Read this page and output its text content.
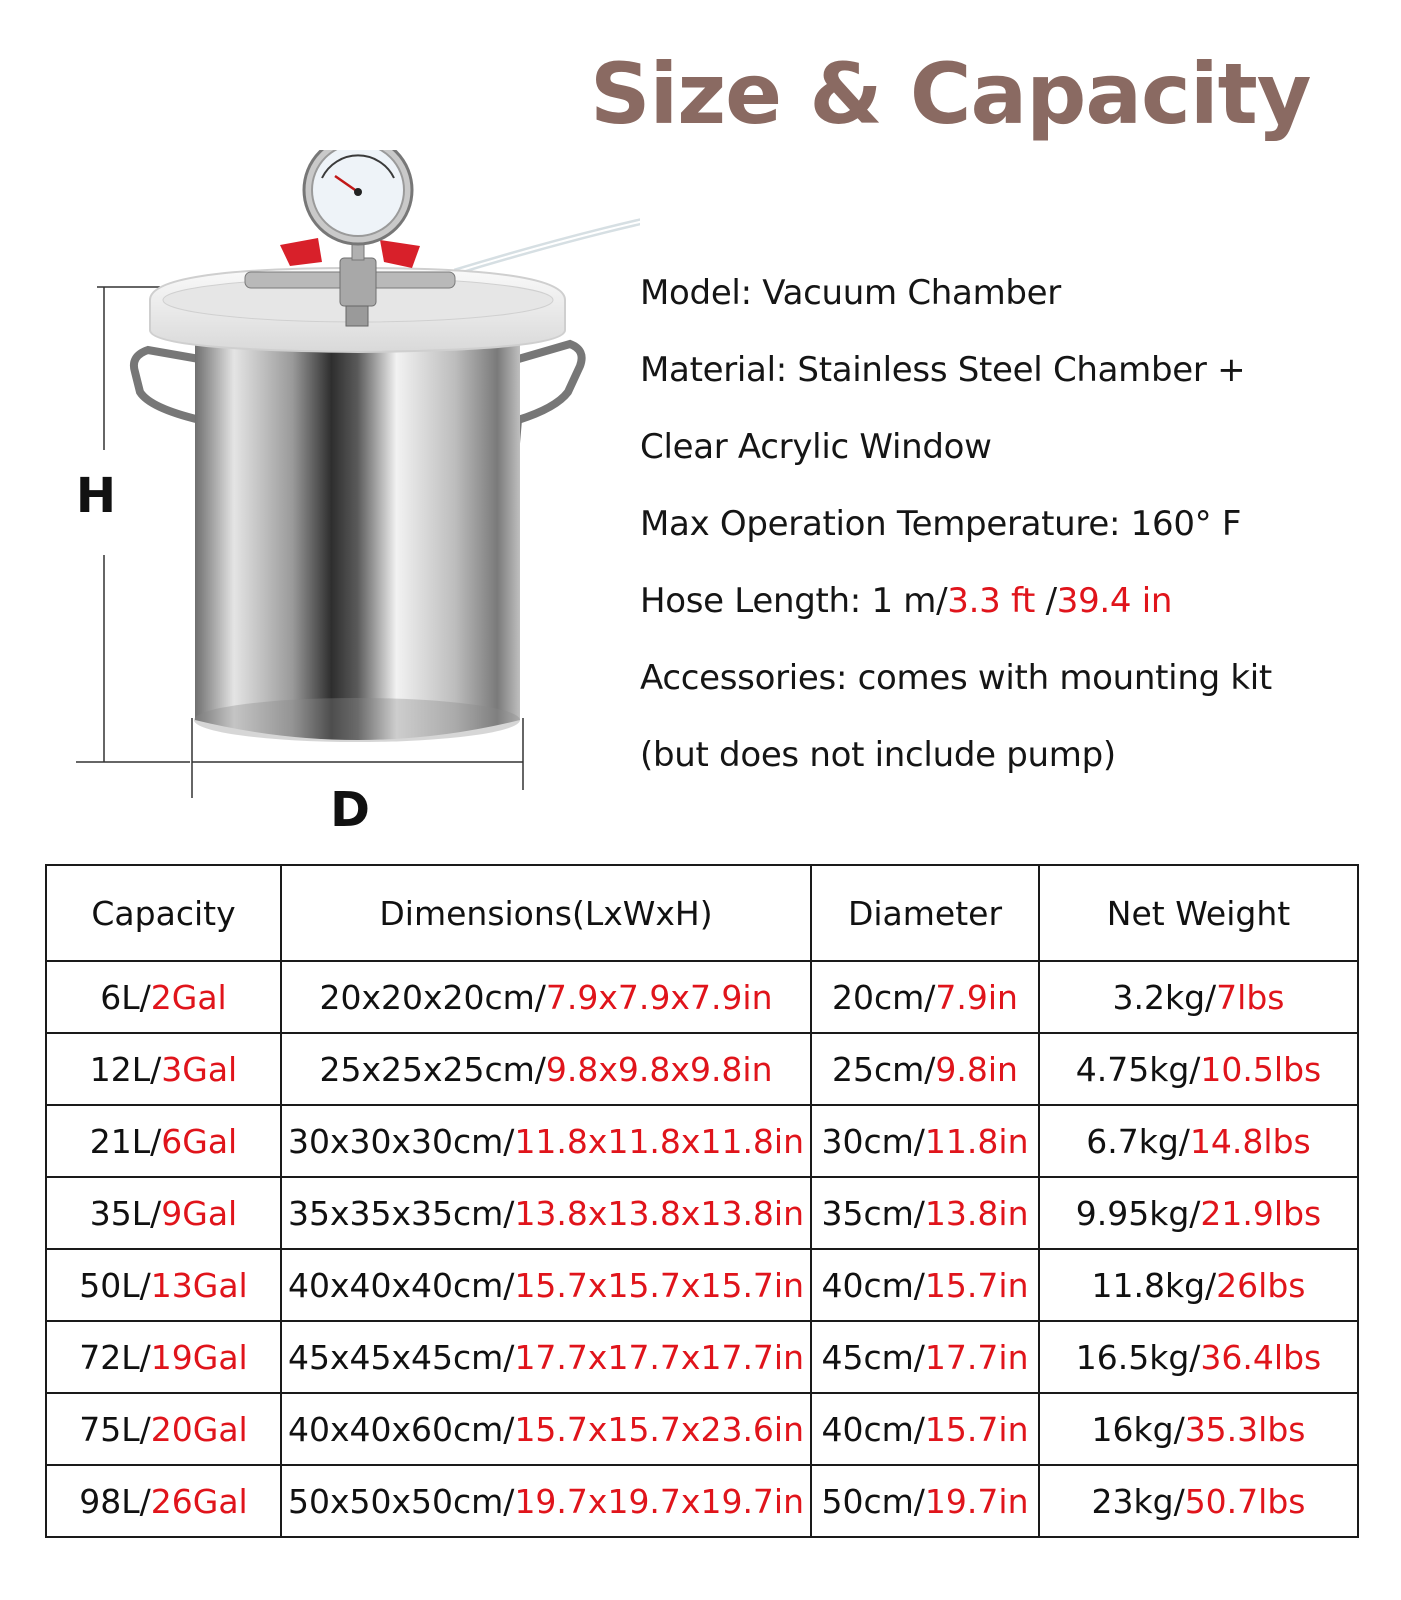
Size & Capacity
H
D
Model: Vacuum Chamber
Material: Stainless Steel Chamber +
Clear Acrylic Window
Max Operation Temperature: 160° F
Hose Length: 1 m/3.3 ft /39.4 in
Accessories: comes with mounting kit
(but does not include pump)
Capacity	Dimensions(LxWxH)	Diameter	Net Weight
6L/2Gal	20x20x20cm/7.9x7.9x7.9in	20cm/7.9in	3.2kg/7lbs
12L/3Gal	25x25x25cm/9.8x9.8x9.8in	25cm/9.8in	4.75kg/10.5lbs
21L/6Gal	30x30x30cm/11.8x11.8x11.8in	30cm/11.8in	6.7kg/14.8lbs
35L/9Gal	35x35x35cm/13.8x13.8x13.8in	35cm/13.8in	9.95kg/21.9lbs
50L/13Gal	40x40x40cm/15.7x15.7x15.7in	40cm/15.7in	11.8kg/26lbs
72L/19Gal	45x45x45cm/17.7x17.7x17.7in	45cm/17.7in	16.5kg/36.4lbs
75L/20Gal	40x40x60cm/15.7x15.7x23.6in	40cm/15.7in	16kg/35.3lbs
98L/26Gal	50x50x50cm/19.7x19.7x19.7in	50cm/19.7in	23kg/50.7lbs
